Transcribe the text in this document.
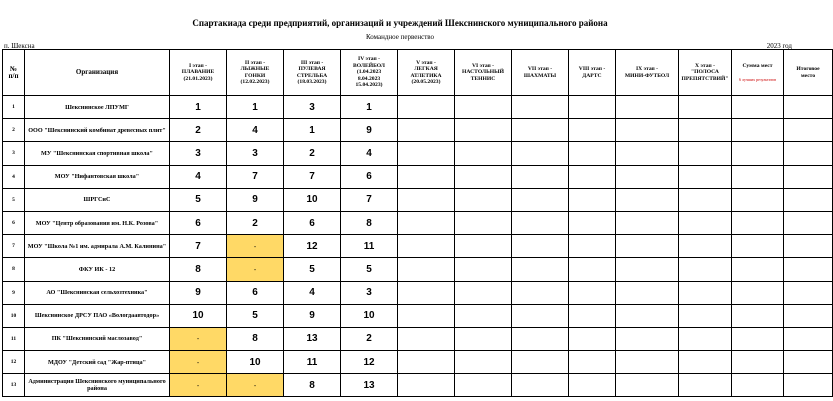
Спартакиада среди предприятий, организаций и учреждений Шекснинского муниципального района
Командное первенство
п. Шексна	2023 год
№
п/п	Организация	I этап -
ПЛАВАНИЕ
(21.01.2023)	II этап -
ЛЫЖНЫЕ
ГОНКИ
(12.02.2023)	III этап -
ПУЛЕВАЯ
СТРЕЛЬБА
(18.03.2023)	IV этап -
ВОЛЕЙБОЛ
(1.04.2023
8.04.2023
15.04.2023)	V этап -
ЛЕГКАЯ
АТЛЕТИКА
(20.05.2023)	VI этап -
НАСТОЛЬНЫЙ
ТЕННИС	VII этап -
ШАХМАТЫ	VIII этап -
ДАРТС	IX этап -
МИНИ-ФУТБОЛ	X этап -
"ПОЛОСА
ПРЕПЯТСТВИЙ"	Сумма мест

6 лучших результатов	Итоговое
место
1	Шекснинское ЛПУМГ	1	1	3	1								
2	ООО "Шекснинский комбинат древесных плит"	2	4	1	9								
3	МУ "Шекснинская спортивная школа"	3	3	2	4								
4	МОУ "Нифантовская школа"	4	7	7	6								
5	ШРГСиС	5	9	10	7								
6	МОУ "Центр образования им. Н.К. Розова"	6	2	6	8								
7	МОУ "Школа №1 им. адмирала А.М. Калинина"	7	-	12	11								
8	ФКУ ИК - 12	8	-	5	5								
9	АО "Шекснинская сельхозтехника"	9	6	4	3								
10	Шекснинское ДРСУ ПАО «Вологдаавтодор»	10	5	9	10								
11	ПК "Шекснинский маслозавод"	-	8	13	2								
12	МДОУ "Детский сад "Жар-птица"	-	10	11	12								
13	Администрация Шекснинского муниципального района	-	-	8	13								
